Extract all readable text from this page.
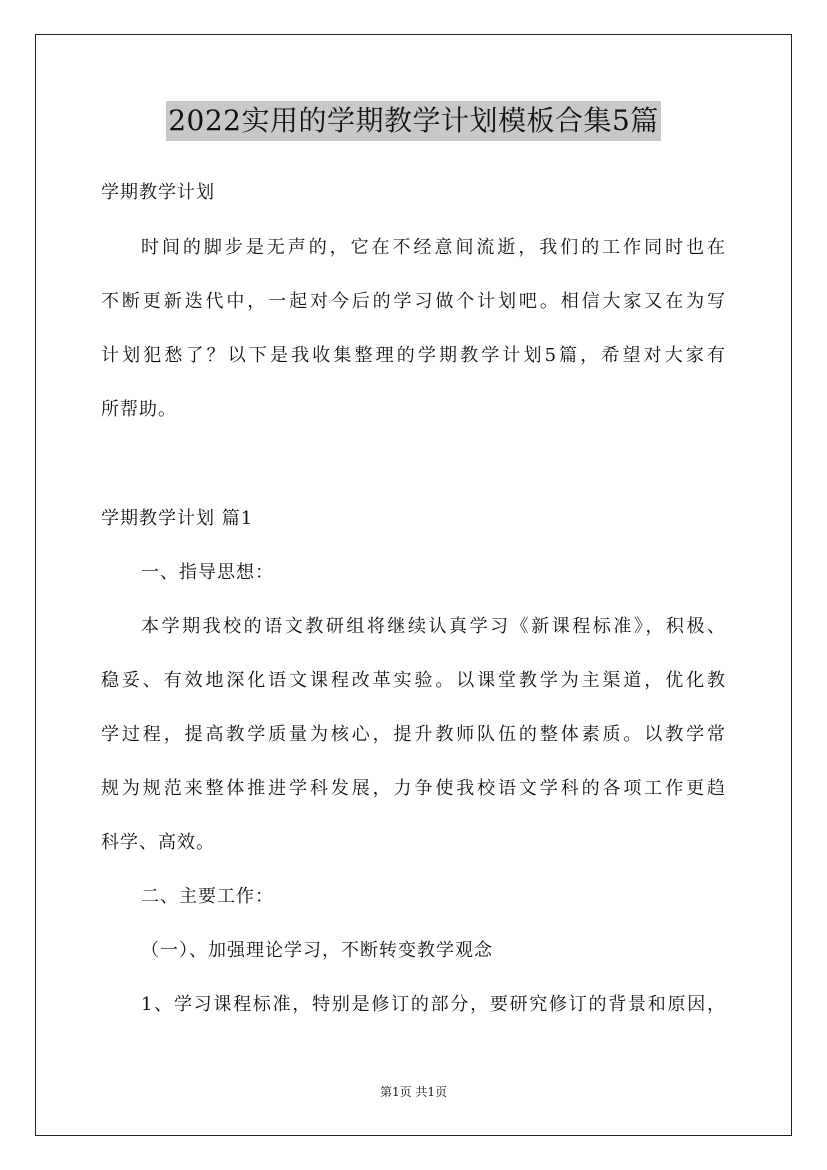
2022实用的学期教学计划模板合集5篇
学期教学计划
时间的脚步是无声的，它在不经意间流逝，我们的工作同时也在
不断更新迭代中，一起对今后的学习做个计划吧。相信大家又在为写
计划犯愁了？以下是我收集整理的学期教学计划5篇，希望对大家有
所帮助。
学期教学计划 篇1
一、指导思想：
本学期我校的语文教研组将继续认真学习《新课程标准》，积极、
稳妥、有效地深化语文课程改革实验。以课堂教学为主渠道，优化教
学过程，提高教学质量为核心，提升教师队伍的整体素质。以教学常
规为规范来整体推进学科发展，力争使我校语文学科的各项工作更趋
科学、高效。
二、主要工作：
（一）、加强理论学习，不断转变教学观念
1、学习课程标准，特别是修订的部分，要研究修订的背景和原因，
第1页 共1页
